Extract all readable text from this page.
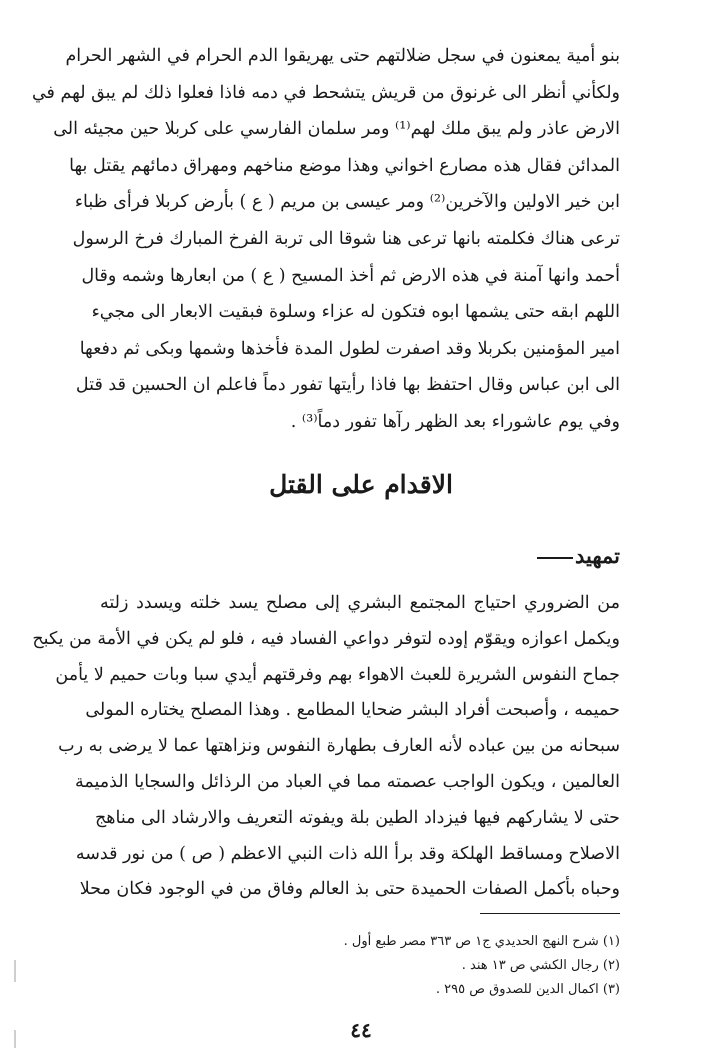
بنو أمية يمعنون في سجل ضلالتهم حتى يهريقوا الدم الحرام في الشهر الحرام
ولكأني أنظر الى غرنوق من قريش يتشحط في دمه فاذا فعلوا ذلك لم يبق لهم في
الارض عاذر ولم يبق ملك لهم⁽¹⁾ ومر سلمان الفارسي على كربلا حين مجيئه الى
المدائن فقال هذه مصارع اخواني وهذا موضع مناخهم ومهراق دمائهم يقتل بها
ابن خير الاولين والآخرين⁽²⁾ ومر عيسى بن مريم ( ع ) بأرض كربلا فرأى ظباء
ترعى هناك فكلمته بانها ترعى هنا شوقا الى تربة الفرخ المبارك فرخ الرسول
أحمد وانها آمنة في هذه الارض ثم أخذ المسيح ( ع ) من ابعارها وشمه وقال
اللهم ابقه حتى يشمها ابوه فتكون له عزاء وسلوة فبقيت الابعار الى مجيء
امير المؤمنين بكربلا وقد اصفرت لطول المدة فأخذها وشمها وبكى ثم دفعها
الى ابن عباس وقال احتفظ بها فاذا رأيتها تفور دماً فاعلم ان الحسين قد قتل
وفي يوم عاشوراء بعد الظهر رآها تفور دماً⁽³⁾ .
الاقدام على القتل
تمهيد
من الضروري احتياج المجتمع البشري إلى مصلح يسد خلته ويسدد زلته
ويكمل اعوازه ويقوّم إوده لتوفر دواعي الفساد فيه ، فلو لم يكن في الأمة من يكبح
جماح النفوس الشريرة للعبث الاهواء بهم وفرقتهم أيدي سبا وبات حميم لا يأمن
حميمه ، وأصبحت أفراد البشر ضحايا المطامع . وهذا المصلح يختاره المولى
سبحانه من بين عباده لأنه العارف بطهارة النفوس ونزاهتها عما لا يرضى به رب
العالمين ، ويكون الواجب عصمته مما في العباد من الرذائل والسجايا الذميمة
حتى لا يشاركهم فيها فيزداد الطين بلة ويفوته التعريف والارشاد الى مناهج
الاصلاح ومساقط الهلكة وقد برأ الله ذات النبي الاعظم ( ص ) من نور قدسه
وحباه بأكمل الصفات الحميدة حتى بذ العالم وفاق من في الوجود فكان محلا
(١) شرح النهج الحديدي ج١ ص ٣٦٣ مصر طبع أول .
(٢) رجال الكشي ص ١٣ هند .
(٣) اكمال الدين للصدوق ص ٢٩٥ .
٤٤
